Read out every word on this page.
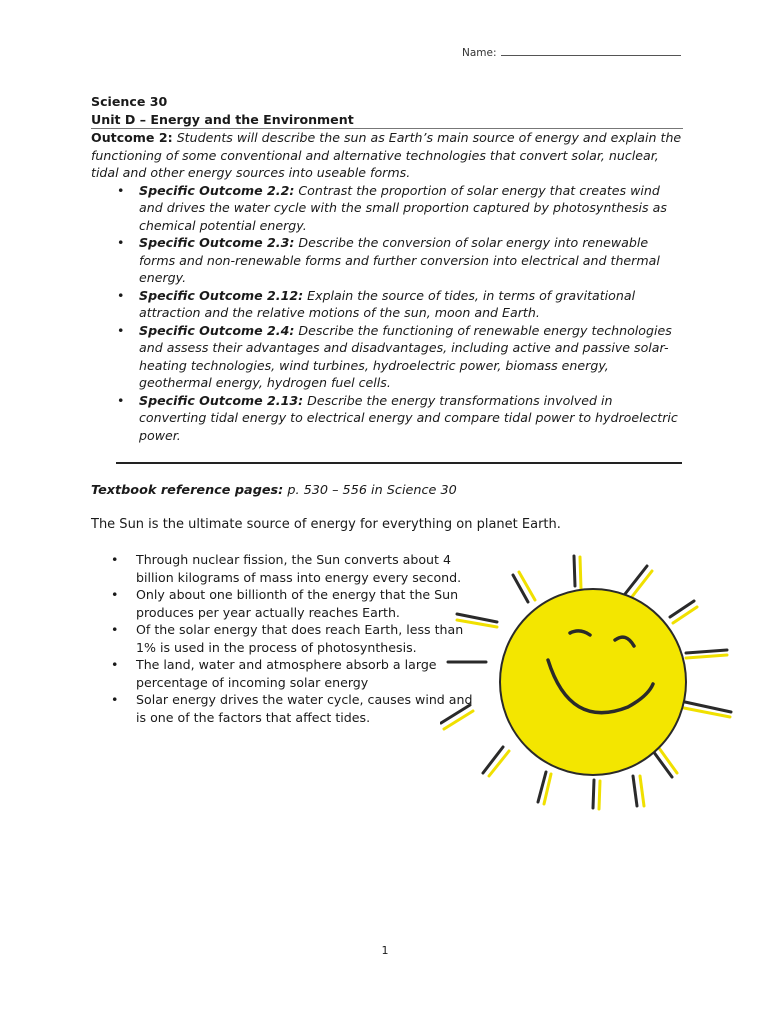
Name:
Science 30
Unit D – Energy and the Environment
Outcome 2: Students will describe the sun as Earth’s main source of energy and explain the functioning of some conventional and alternative technologies that convert solar, nuclear, tidal and other energy sources into useable forms.
• Specific Outcome 2.2: Contrast the proportion of solar energy that creates wind and drives the water cycle with the small proportion captured by photosynthesis as chemical potential energy.
• Specific Outcome 2.3: Describe the conversion of solar energy into renewable forms and non-renewable forms and further conversion into electrical and thermal energy.
• Specific Outcome 2.12: Explain the source of tides, in terms of gravitational attraction and the relative motions of the sun, moon and Earth.
• Specific Outcome 2.4: Describe the functioning of renewable energy technologies and assess their advantages and disadvantages, including active and passive solar-heating technologies, wind turbines, hydroelectric power, biomass energy, geothermal energy, hydrogen fuel cells.
• Specific Outcome 2.13: Describe the energy transformations involved in converting tidal energy to electrical energy and compare tidal power to hydroelectric power.
Textbook reference pages: p. 530 – 556 in Science 30
The Sun is the ultimate source of energy for everything on planet Earth.
• Through nuclear fission, the Sun converts about 4 billion kilograms of mass into energy every second.
• Only about one billionth of the energy that the Sun produces per year actually reaches Earth.
• Of the solar energy that does reach Earth, less than 1% is used in the process of photosynthesis.
• The land, water and atmosphere absorb a large percentage of incoming solar energy
• Solar energy drives the water cycle, causes wind and is one of the factors that affect tides.
1
